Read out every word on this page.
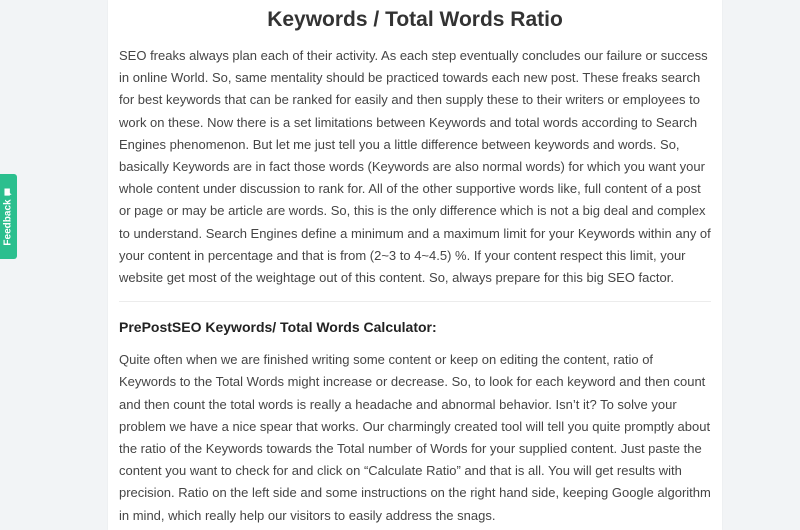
Feedback
Keywords / Total Words Ratio

SEO freaks always plan each of their activity. As each step eventually concludes our failure or success in online World. So, same mentality should be practiced towards each new post. These freaks search for best keywords that can be ranked for easily and then supply these to their writers or employees to work on these. Now there is a set limitations between Keywords and total words according to Search Engines phenomenon. But let me just tell you a little difference between keywords and words. So, basically Keywords are in fact those words (Keywords are also normal words) for which you want your whole content under discussion to rank for. All of the other supportive words like, full content of a post or page or may be article are words. So, this is the only difference which is not a big deal and complex to understand. Search Engines define a minimum and a maximum limit for your Keywords within any of your content in percentage and that is from (2~3 to 4~4.5) %. If your content respect this limit, your website get most of the weightage out of this content. So, always prepare for this big SEO factor.

PrePostSEO Keywords/ Total Words Calculator:

Quite often when we are finished writing some content or keep on editing the content, ratio of Keywords to the Total Words might increase or decrease. So, to look for each keyword and then count and then count the total words is really a headache and abnormal behavior. Isn’t it? To solve your problem we have a nice spear that works. Our charmingly created tool will tell you quite promptly about the ratio of the Keywords towards the Total number of Words for your supplied content. Just paste the content you want to check for and click on “Calculate Ratio” and that is all. You will get results with precision. Ratio on the left side and some instructions on the right hand side, keeping Google algorithm in mind, which really help our visitors to easily address the snags.
